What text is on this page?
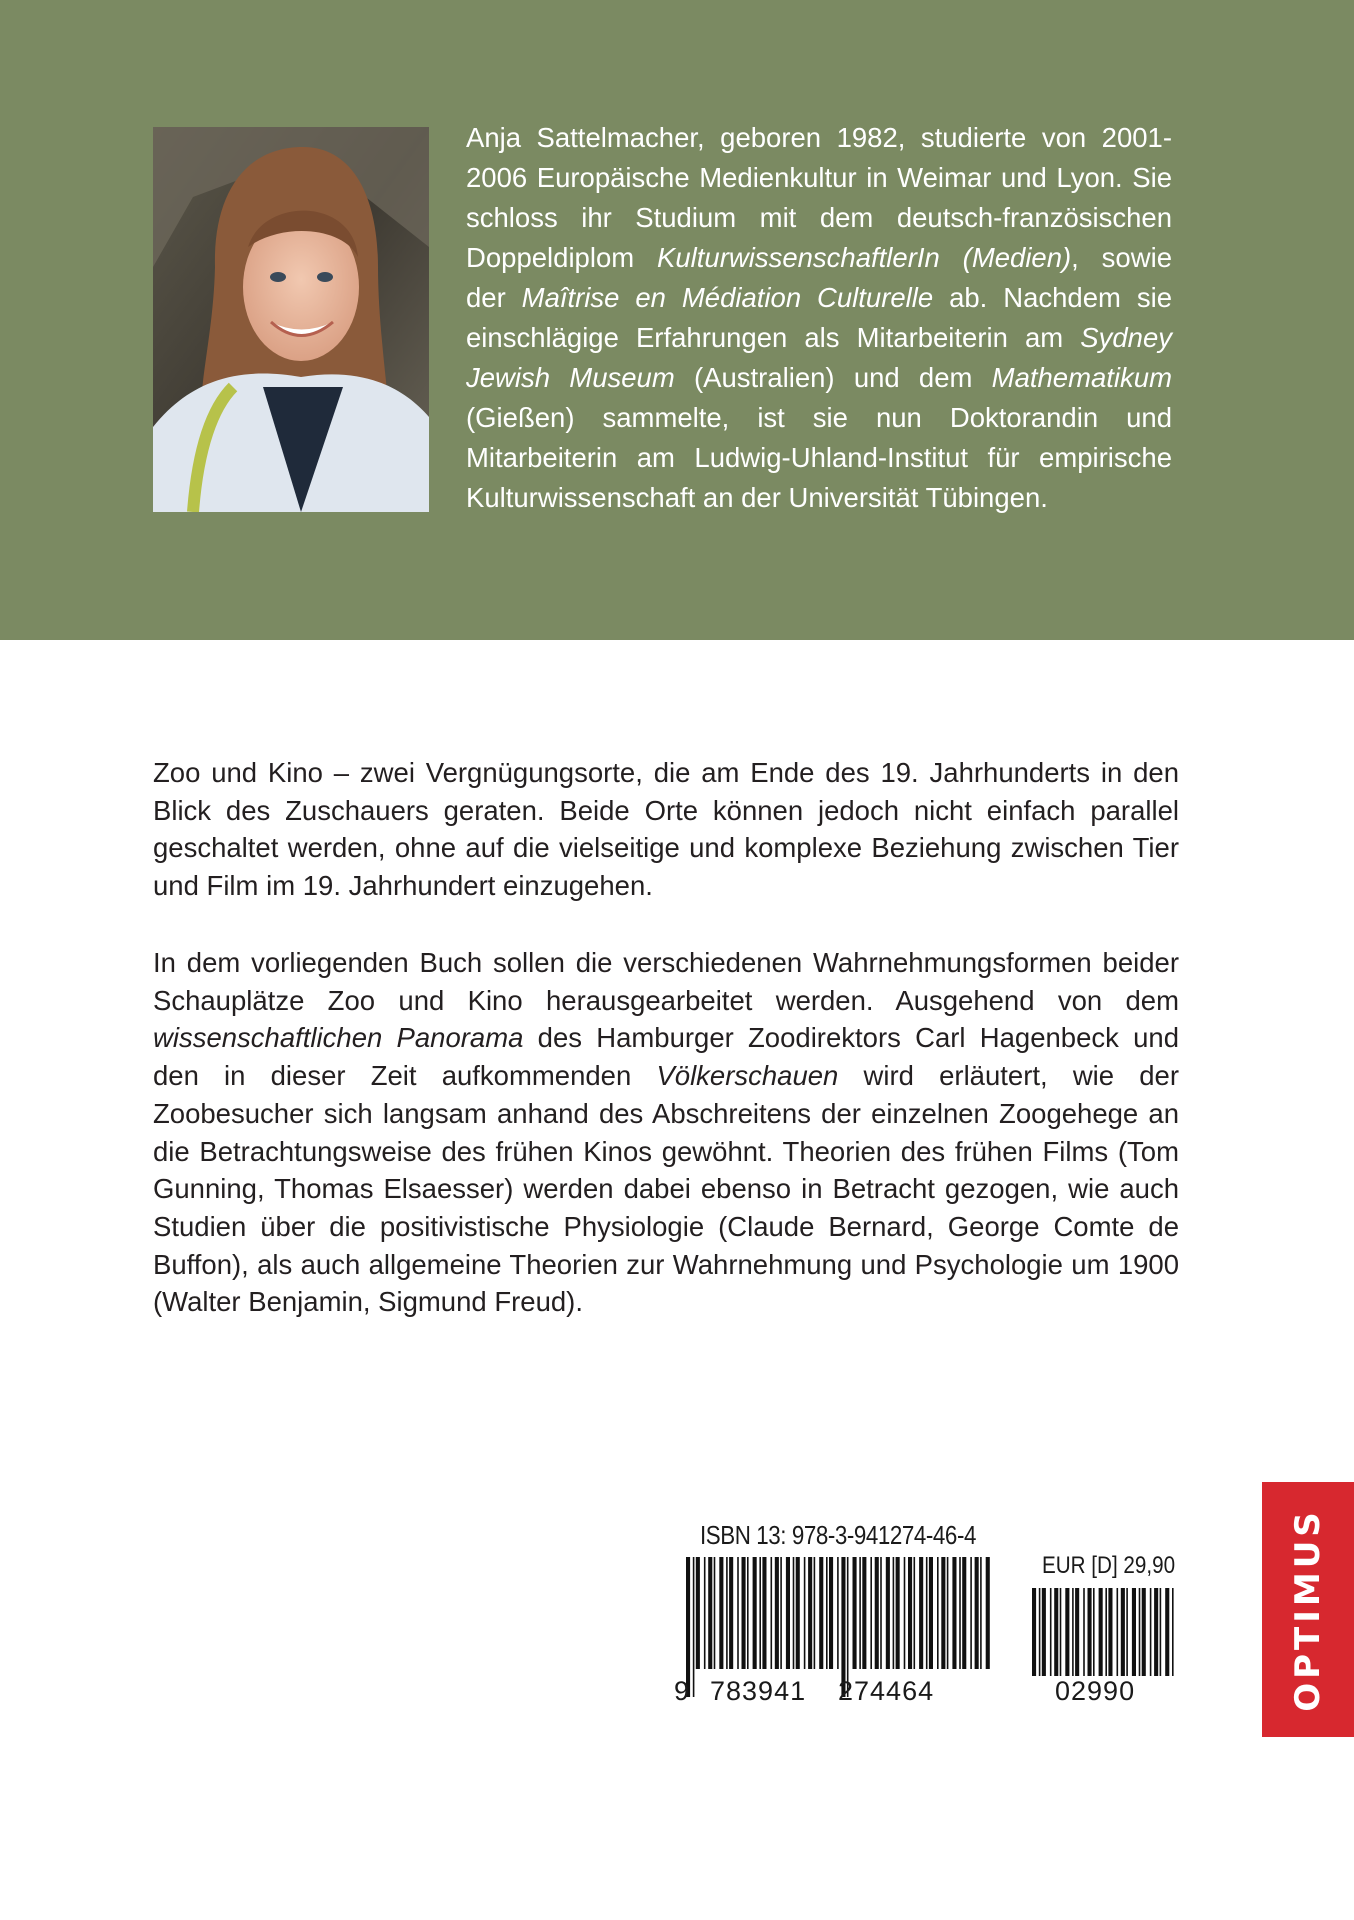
Anja Sattelmacher, geboren 1982, studierte von 2001-2006 Europäische Medienkultur in Weimar und Lyon. Sie schloss ihr Studium mit dem deutsch-französischen Doppeldiplom KulturwissenschaftlerIn (Medien), sowie der Maîtrise en Médiation Culturelle ab. Nachdem sie einschlägige Erfahrungen als Mitarbeiterin am Sydney Jewish Museum (Australien) und dem Mathematikum (Gießen) sammelte, ist sie nun Doktorandin und Mitarbeiterin am Ludwig-Uhland-Institut für empirische Kulturwissenschaft an der Universität Tübingen.

Zoo und Kino – zwei Vergnügungsorte, die am Ende des 19. Jahrhunderts in den Blick des Zuschauers geraten. Beide Orte können jedoch nicht einfach parallel geschaltet werden, ohne auf die vielseitige und komplexe Beziehung zwischen Tier und Film im 19. Jahrhundert einzugehen.

In dem vorliegenden Buch sollen die verschiedenen Wahrnehmungsformen beider Schauplätze Zoo und Kino herausgearbeitet werden. Ausgehend von dem wissenschaftlichen Panorama des Hamburger Zoodirektors Carl Hagenbeck und den in dieser Zeit aufkommenden Völkerschauen wird erläutert, wie der Zoobesucher sich langsam anhand des Abschreitens der einzelnen Zoogehege an die Betrachtungsweise des frühen Kinos gewöhnt. Theorien des frühen Films (Tom Gunning, Thomas Elsaesser) werden dabei ebenso in Betracht gezogen, wie auch Studien über die positivistische Physiologie (Claude Bernard, George Comte de Buffon), als auch allgemeine Theorien zur Wahrnehmung und Psychologie um 1900 (Walter Benjamin, Sigmund Freud).

ISBN 13: 978-3-941274-46-4
EUR [D] 29,90
9 783941 274464	02990	OPTIMUS
